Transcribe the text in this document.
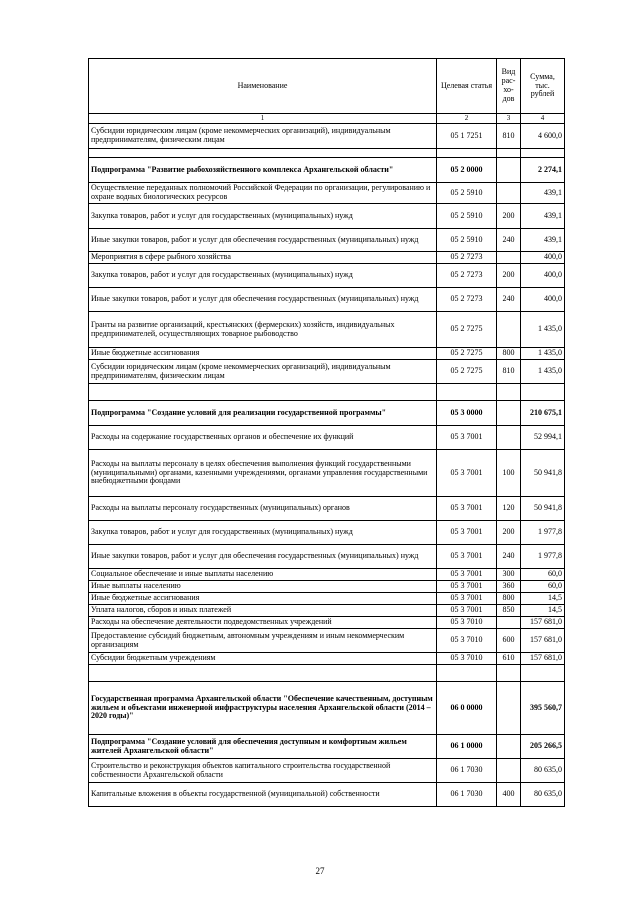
Наименование	Целевая статья	Вид рас- хо- дов	Сумма, тыс. рублей
1	2	3	4
Субсидии юридическим лицам (кроме некоммерческих организаций), индивидуальным предпринимателям, физическим лицам	05 1 7251	810	4 600,0

Подпрограмма "Развитие рыбохозяйственного комплекса Архангельской области"	05 2 0000		2 274,1
Осуществление переданных полномочий Российской Федерации по организации, регулированию и охране водных биологических ресурсов	05 2 5910		439,1
Закупка товаров, работ и услуг для государственных (муниципальных) нужд	05 2 5910	200	439,1
Иные закупки товаров, работ и услуг для обеспечения государственных (муниципальных) нужд	05 2 5910	240	439,1
Мероприятия в сфере рыбного хозяйства	05 2 7273		400,0
Закупка товаров, работ и услуг для государственных (муниципальных) нужд	05 2 7273	200	400,0
Иные закупки товаров, работ и услуг для обеспечения государственных (муниципальных) нужд	05 2 7273	240	400,0
Гранты на развитие организаций, крестьянских (фермерских) хозяйств, индивидуальных предпринимателей, осуществляющих товарное рыбоводство	05 2 7275		1 435,0
Иные бюджетные ассигнования	05 2 7275	800	1 435,0
Субсидии юридическим лицам (кроме некоммерческих организаций), индивидуальным предпринимателям, физическим лицам	05 2 7275	810	1 435,0

Подпрограмма "Создание условий для реализации государственной программы"	05 3 0000		210 675,1
Расходы на содержание государственных органов и обеспечение их функций	05 3 7001		52 994,1
Расходы на выплаты персоналу в целях обеспечения выполнения функций государственными (муниципальными) органами, казенными учреждениями, органами управления государственными внебюджетными фондами	05 3 7001	100	50 941,8
Расходы на выплаты персоналу государственных (муниципальных) органов	05 3 7001	120	50 941,8
Закупка товаров, работ и услуг для государственных (муниципальных) нужд	05 3 7001	200	1 977,8
Иные закупки товаров, работ и услуг для обеспечения государственных (муниципальных) нужд	05 3 7001	240	1 977,8
Социальное обеспечение и иные выплаты населению	05 3 7001	300	60,0
Иные выплаты населению	05 3 7001	360	60,0
Иные бюджетные ассигнования	05 3 7001	800	14,5
Уплата налогов, сборов и иных платежей	05 3 7001	850	14,5
Расходы на обеспечение деятельности подведомственных учреждений	05 3 7010		157 681,0
Предоставление субсидий бюджетным, автономным учреждениям и иным некоммерческим организациям	05 3 7010	600	157 681,0
Субсидии бюджетным учреждениям	05 3 7010	610	157 681,0

Государственная программа Архангельской области "Обеспечение качественным, доступным жильем и объектами инженерной инфраструктуры населения Архангельской области (2014 – 2020 годы)"	06 0 0000		395 560,7
Подпрограмма "Создание условий для обеспечения доступным и комфортным жильем жителей Архангельской области"	06 1 0000		205 266,5
Строительство и реконструкция объектов капитального строительства государственной собственности Архангельской области	06 1 7030		80 635,0
Капитальные вложения в объекты государственной (муниципальной) собственности	06 1 7030	400	80 635,0
27
